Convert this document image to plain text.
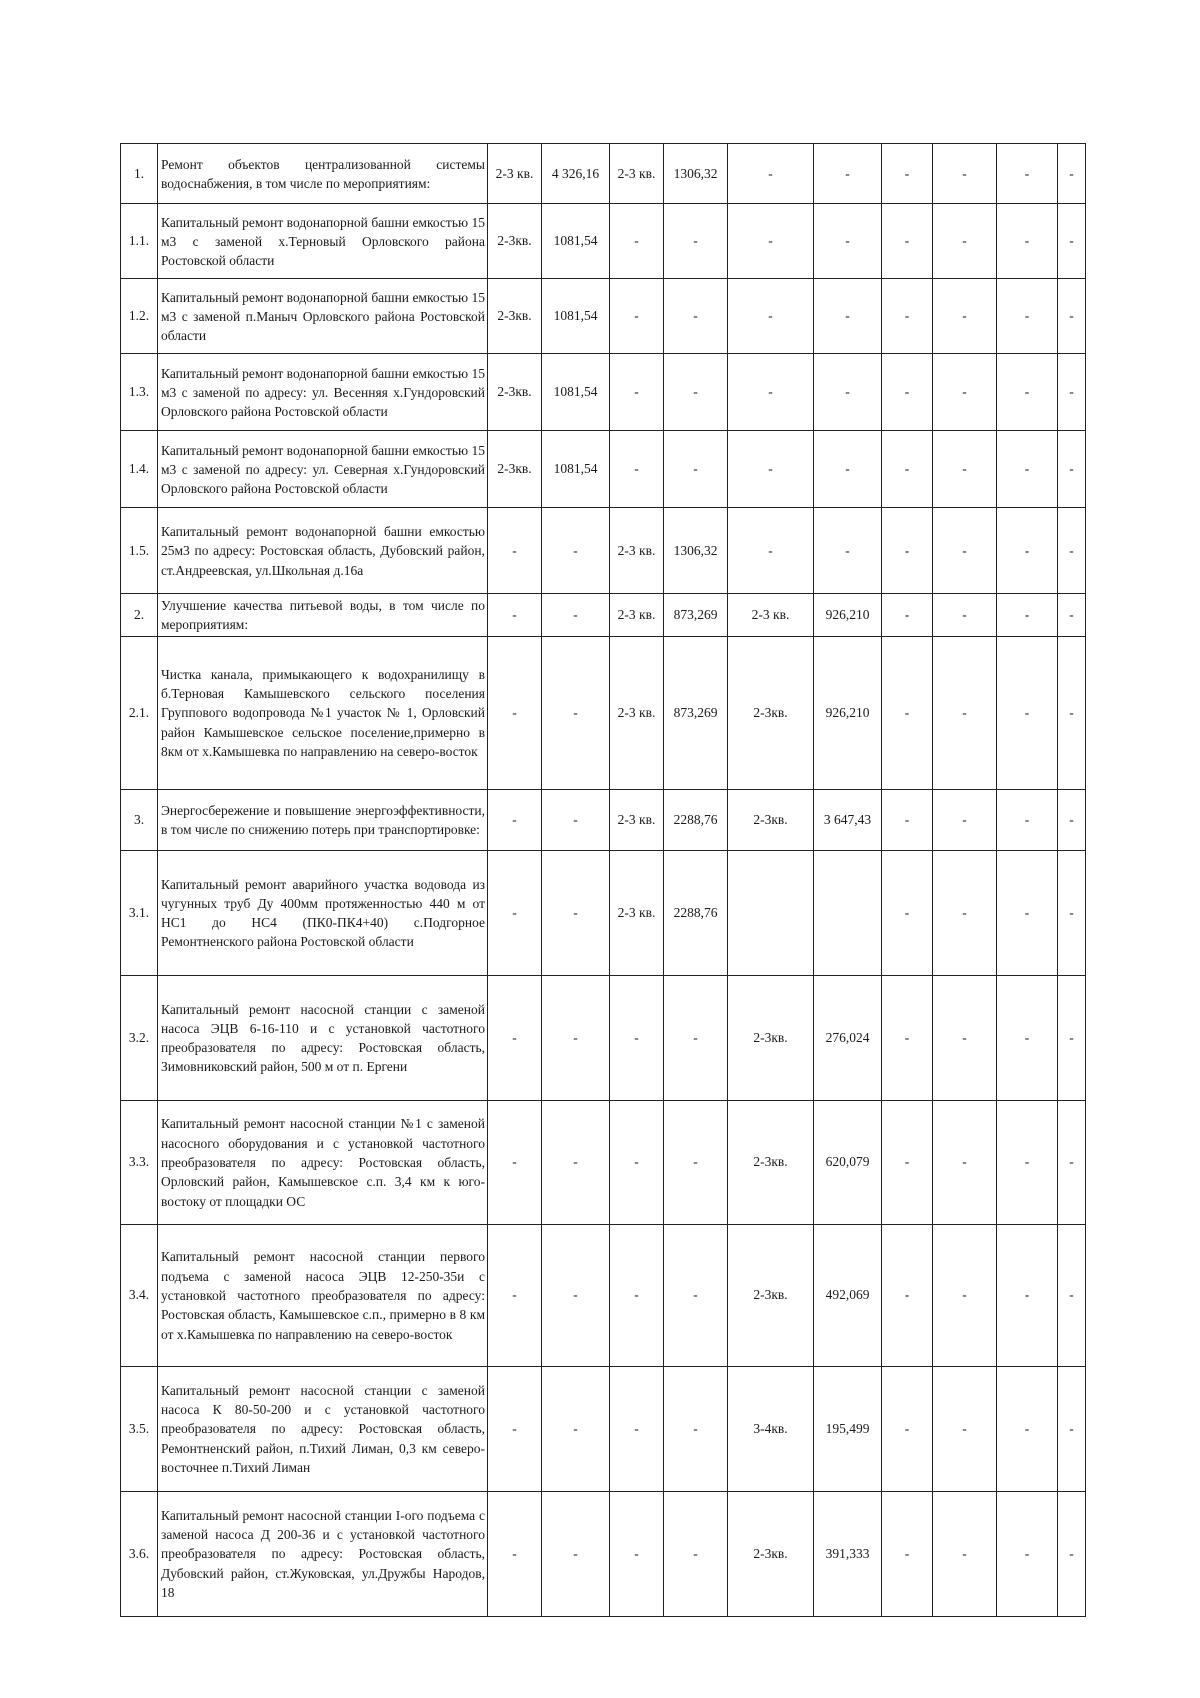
1.	Ремонт объектов централизованной системы водоснабжения, в том числе по мероприятиям:	2-3 кв.	4 326,16	2-3 кв.	1306,32	-	-	-	-	-	-
1.1.	Капитальный ремонт водонапорной башни емкостью 15 м3 с заменой х.Терновый Орловского района Ростовской области	2-3кв.	1081,54	-	-	-	-	-	-	-	-
1.2.	Капитальный ремонт водонапорной башни емкостью 15 м3 с заменой п.Маныч Орловского района Ростовской области	2-3кв.	1081,54	-	-	-	-	-	-	-	-
1.3.	Капитальный ремонт водонапорной башни емкостью 15 м3 с заменой по адресу: ул. Весенняя х.Гундоровский Орловского района Ростовской области	2-3кв.	1081,54	-	-	-	-	-	-	-	-
1.4.	Капитальный ремонт водонапорной башни емкостью 15 м3 с заменой по адресу: ул. Северная х.Гундоровский Орловского района Ростовской области	2-3кв.	1081,54	-	-	-	-	-	-	-	-
1.5.	Капитальный ремонт водонапорной башни емкостью 25м3 по адресу: Ростовская область, Дубовский район, ст.Андреевская, ул.Школьная д.16а	-	-	2-3 кв.	1306,32	-	-	-	-	-	-
2.	Улучшение качества питьевой воды, в том числе по мероприятиям:	-	-	2-3 кв.	873,269	2-3 кв.	926,210	-	-	-	-
2.1.	Чистка канала, примыкающего к водохранилищу в б.Терновая Камышевского сельского поселения Группового водопровода №1 участок № 1, Орловский район Камышевское сельское поселение,примерно в 8км от х.Камышевка по направлению на северо-восток	-	-	2-3 кв.	873,269	2-3кв.	926,210	-	-	-	-
3.	Энергосбережение и повышение энергоэффективности, в том числе по снижению потерь при транспортировке:	-	-	2-3 кв.	2288,76	2-3кв.	3 647,43	-	-	-	-
3.1.	Капитальный ремонт аварийного участка водовода из чугунных труб Ду 400мм протяженностью 440 м от НС1 до НС4 (ПК0-ПК4+40) с.Подгорное Ремонтненского района Ростовской области	-	-	2-3 кв.	2288,76			-	-	-	-
3.2.	Капитальный ремонт насосной станции с заменой насоса ЭЦВ 6-16-110 и с установкой частотного преобразователя по адресу: Ростовская область, Зимовниковский район, 500 м от п. Ергени	-	-	-	-	2-3кв.	276,024	-	-	-	-
3.3.	Капитальный ремонт насосной станции №1 с заменой насосного оборудования и с установкой частотного преобразователя по адресу: Ростовская область, Орловский район, Камышевское с.п. 3,4 км к юго-востоку от площадки ОС	-	-	-	-	2-3кв.	620,079	-	-	-	-
3.4.	Капитальный ремонт насосной станции первого подъема с заменой насоса ЭЦВ 12-250-35и с установкой частотного преобразователя по адресу: Ростовская область, Камышевское с.п., примерно в 8 км от х.Камышевка по направлению на северо-восток	-	-	-	-	2-3кв.	492,069	-	-	-	-
3.5.	Капитальный ремонт насосной станции с заменой насоса К 80-50-200 и с установкой частотного преобразователя по адресу: Ростовская область, Ремонтненский район, п.Тихий Лиман, 0,3 км северо-восточнее п.Тихий Лиман	-	-	-	-	3-4кв.	195,499	-	-	-	-
3.6.	Капитальный ремонт насосной станции I-ого подъема с заменой насоса Д 200-36 и с установкой частотного преобразователя по адресу: Ростовская область, Дубовский район, ст.Жуковская, ул.Дружбы Народов, 18	-	-	-	-	2-3кв.	391,333	-	-	-	-
